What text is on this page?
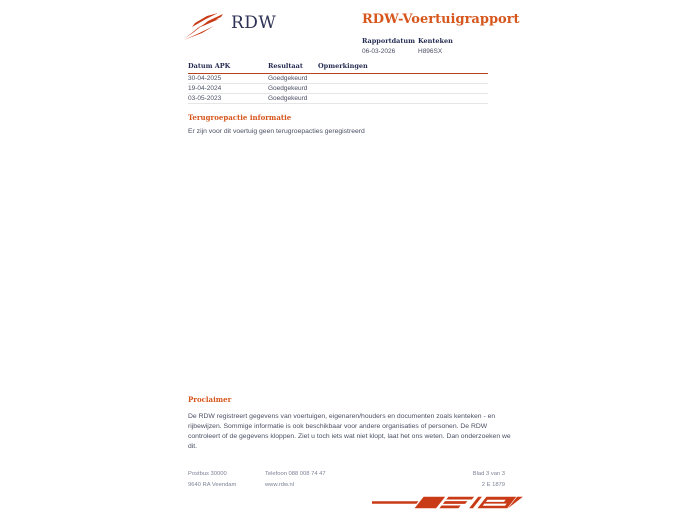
RDW	RDW-Voertuigrapport
Rapportdatum
06-03-2026
Kenteken
H896SX
Datum APK	Resultaat	Opmerkingen
30-04-2025	Goedgekeurd
19-04-2024	Goedgekeurd
03-05-2023	Goedgekeurd
Terugroepactie informatie
Er zijn voor dit voertuig geen terugroepacties geregistreerd
Proclaimer
De RDW registreert gegevens van voertuigen, eigenaren/houders en documenten zoals kenteken - en rijbewijzen. Sommige informatie is ook beschikbaar voor andere organisaties of personen. De RDW controleert of de gegevens kloppen. Ziet u toch iets wat niet klopt, laat het ons weten. Dan onderzoeken we dit.
Postbus 30000
9640 RA Veendam
Telefoon 088 008 74 47
www.rdw.nl
Blad 3 van 3
2 E 1879
